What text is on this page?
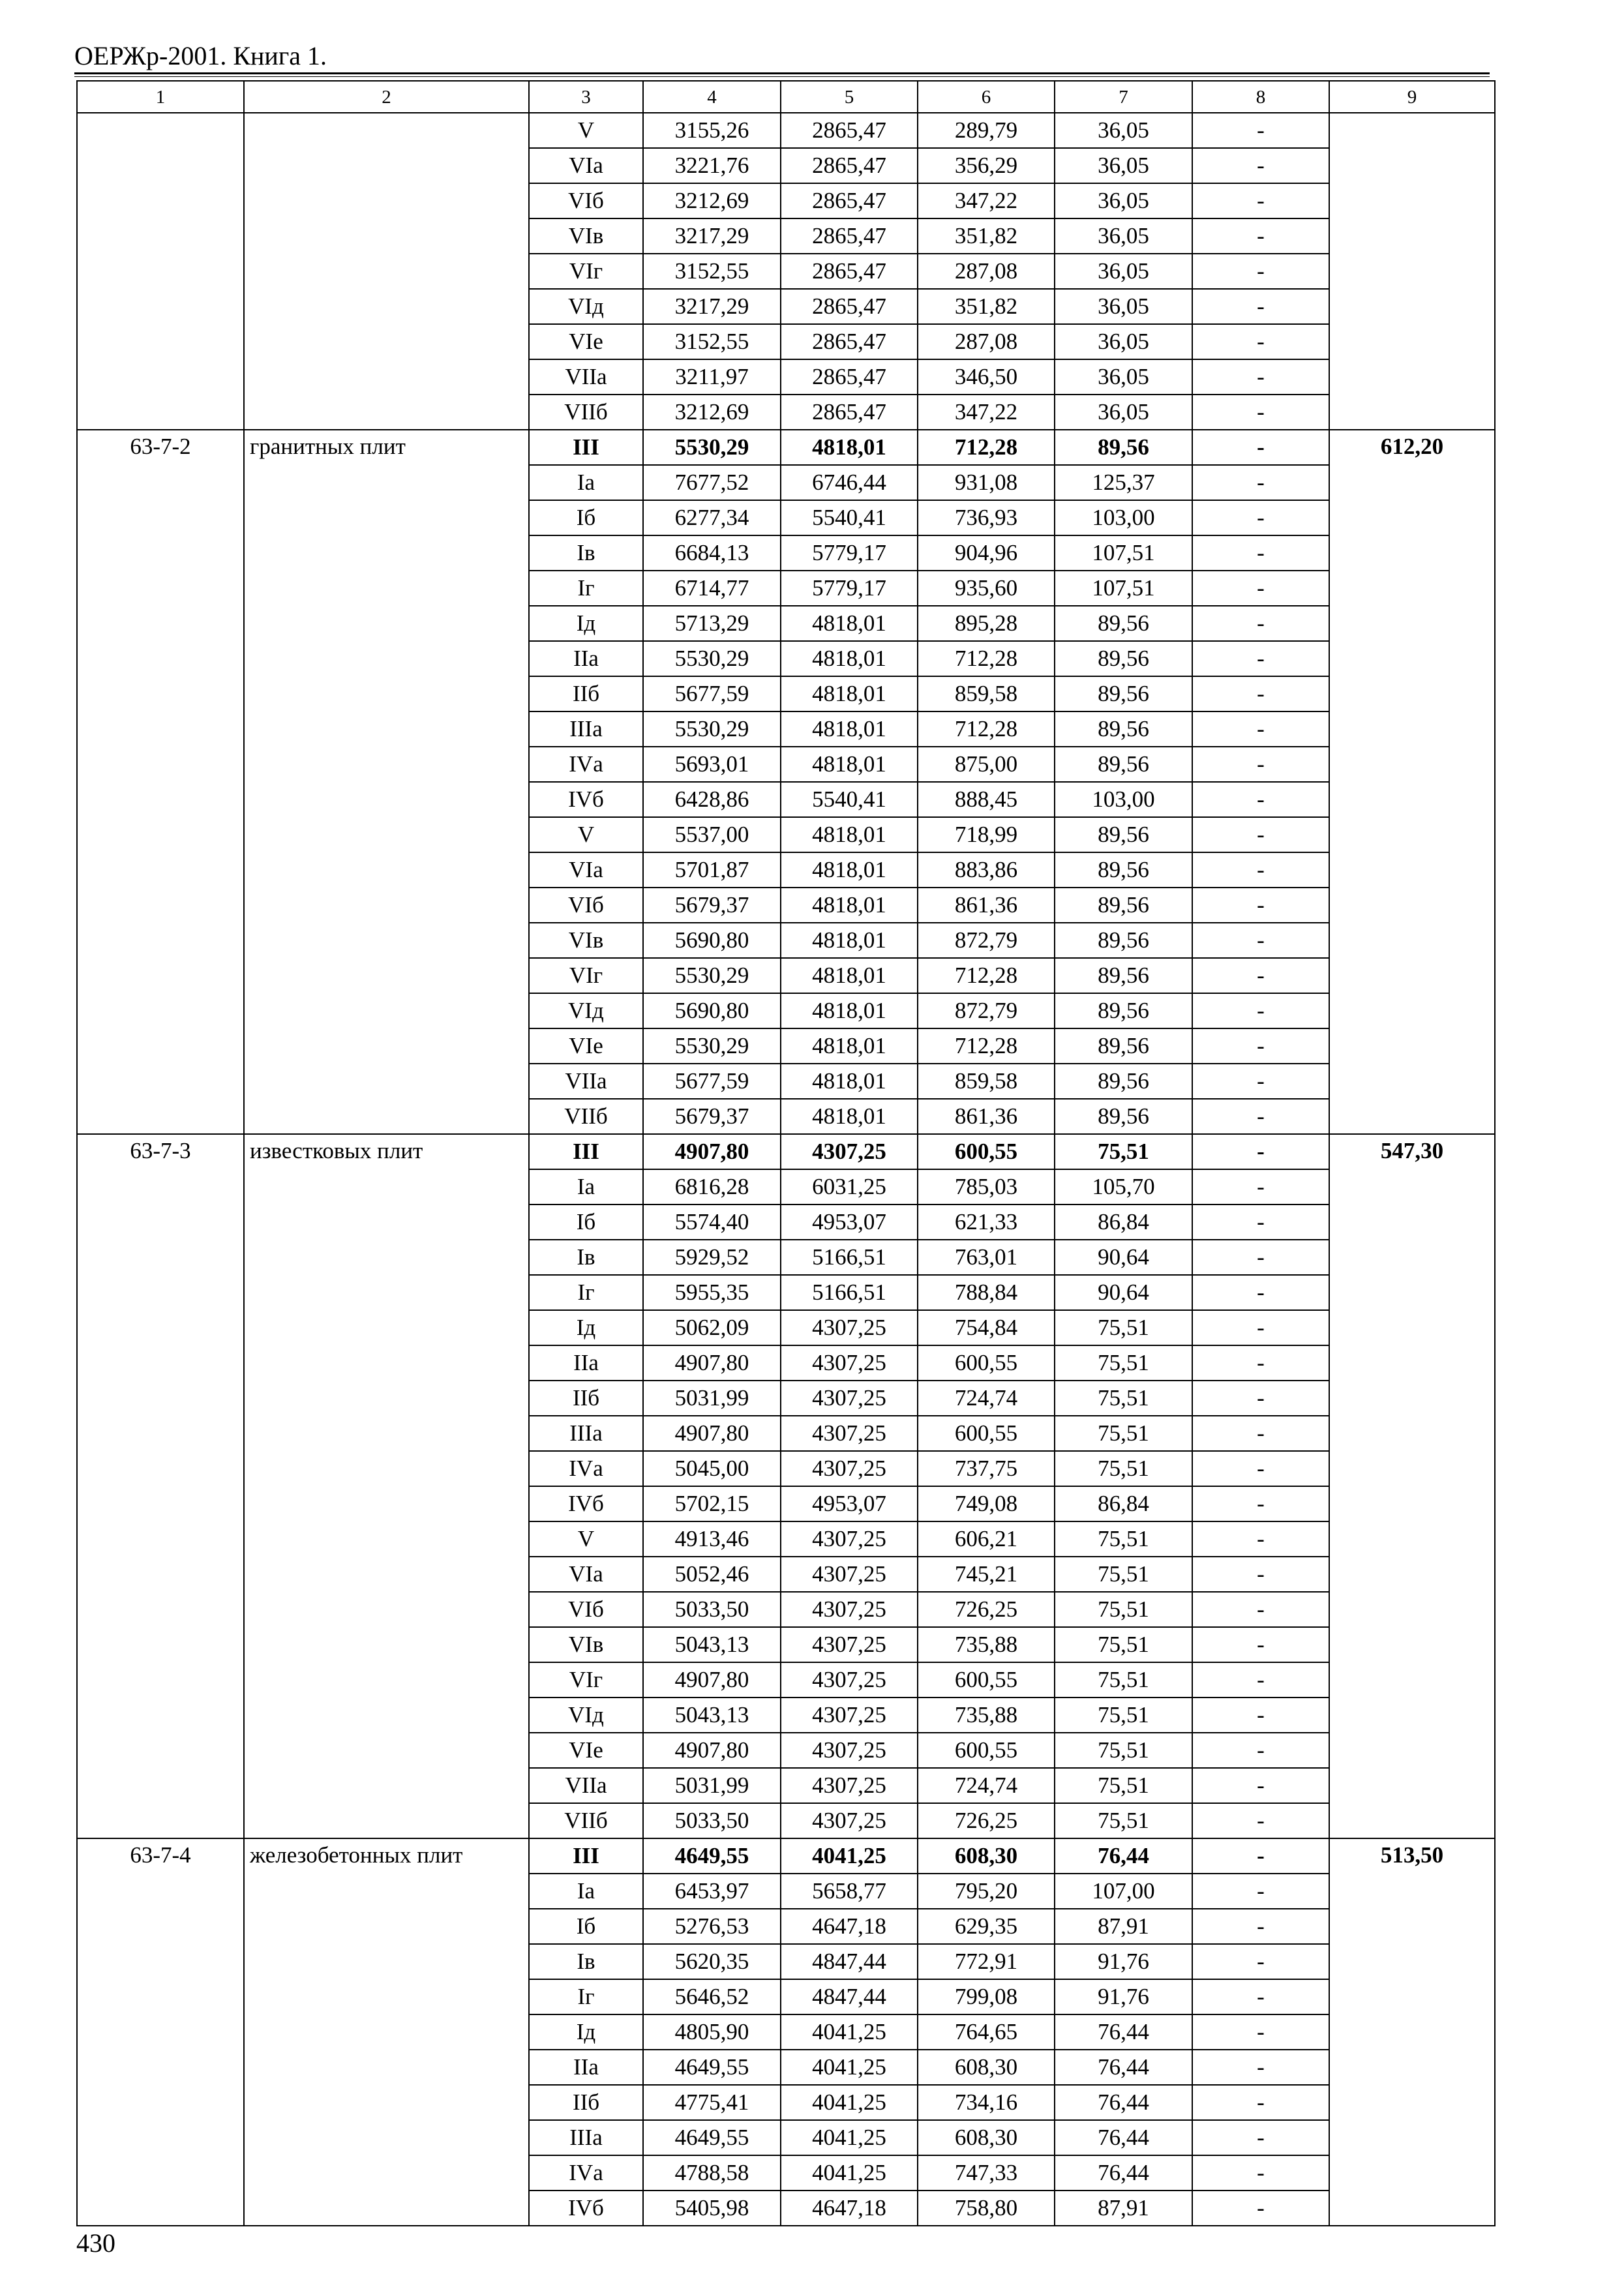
ОЕРЖр-2001. Книга 1.
1	2	3	4	5	6	7	8	9
		V	3155,26	2865,47	289,79	36,05	-	
		VIа	3221,76	2865,47	356,29	36,05	-	
		VIб	3212,69	2865,47	347,22	36,05	-	
		VIв	3217,29	2865,47	351,82	36,05	-	
		VIг	3152,55	2865,47	287,08	36,05	-	
		VIд	3217,29	2865,47	351,82	36,05	-	
		VIе	3152,55	2865,47	287,08	36,05	-	
		VIIа	3211,97	2865,47	346,50	36,05	-	
		VIIб	3212,69	2865,47	347,22	36,05	-	
63-7-2	гранитных плит	III	5530,29	4818,01	712,28	89,56	-	612,20
		Iа	7677,52	6746,44	931,08	125,37	-	
		Iб	6277,34	5540,41	736,93	103,00	-	
		Iв	6684,13	5779,17	904,96	107,51	-	
		Iг	6714,77	5779,17	935,60	107,51	-	
		Iд	5713,29	4818,01	895,28	89,56	-	
		IIа	5530,29	4818,01	712,28	89,56	-	
		IIб	5677,59	4818,01	859,58	89,56	-	
		IIIа	5530,29	4818,01	712,28	89,56	-	
		IVа	5693,01	4818,01	875,00	89,56	-	
		IVб	6428,86	5540,41	888,45	103,00	-	
		V	5537,00	4818,01	718,99	89,56	-	
		VIа	5701,87	4818,01	883,86	89,56	-	
		VIб	5679,37	4818,01	861,36	89,56	-	
		VIв	5690,80	4818,01	872,79	89,56	-	
		VIг	5530,29	4818,01	712,28	89,56	-	
		VIд	5690,80	4818,01	872,79	89,56	-	
		VIе	5530,29	4818,01	712,28	89,56	-	
		VIIа	5677,59	4818,01	859,58	89,56	-	
		VIIб	5679,37	4818,01	861,36	89,56	-	
63-7-3	известковых плит	III	4907,80	4307,25	600,55	75,51	-	547,30
		Iа	6816,28	6031,25	785,03	105,70	-	
		Iб	5574,40	4953,07	621,33	86,84	-	
		Iв	5929,52	5166,51	763,01	90,64	-	
		Iг	5955,35	5166,51	788,84	90,64	-	
		Iд	5062,09	4307,25	754,84	75,51	-	
		IIа	4907,80	4307,25	600,55	75,51	-	
		IIб	5031,99	4307,25	724,74	75,51	-	
		IIIа	4907,80	4307,25	600,55	75,51	-	
		IVа	5045,00	4307,25	737,75	75,51	-	
		IVб	5702,15	4953,07	749,08	86,84	-	
		V	4913,46	4307,25	606,21	75,51	-	
		VIа	5052,46	4307,25	745,21	75,51	-	
		VIб	5033,50	4307,25	726,25	75,51	-	
		VIв	5043,13	4307,25	735,88	75,51	-	
		VIг	4907,80	4307,25	600,55	75,51	-	
		VIд	5043,13	4307,25	735,88	75,51	-	
		VIе	4907,80	4307,25	600,55	75,51	-	
		VIIа	5031,99	4307,25	724,74	75,51	-	
		VIIб	5033,50	4307,25	726,25	75,51	-	
63-7-4	железобетонных плит	III	4649,55	4041,25	608,30	76,44	-	513,50
		Iа	6453,97	5658,77	795,20	107,00	-	
		Iб	5276,53	4647,18	629,35	87,91	-	
		Iв	5620,35	4847,44	772,91	91,76	-	
		Iг	5646,52	4847,44	799,08	91,76	-	
		Iд	4805,90	4041,25	764,65	76,44	-	
		IIа	4649,55	4041,25	608,30	76,44	-	
		IIб	4775,41	4041,25	734,16	76,44	-	
		IIIа	4649,55	4041,25	608,30	76,44	-	
		IVа	4788,58	4041,25	747,33	76,44	-	
		IVб	5405,98	4647,18	758,80	87,91	-	
430
